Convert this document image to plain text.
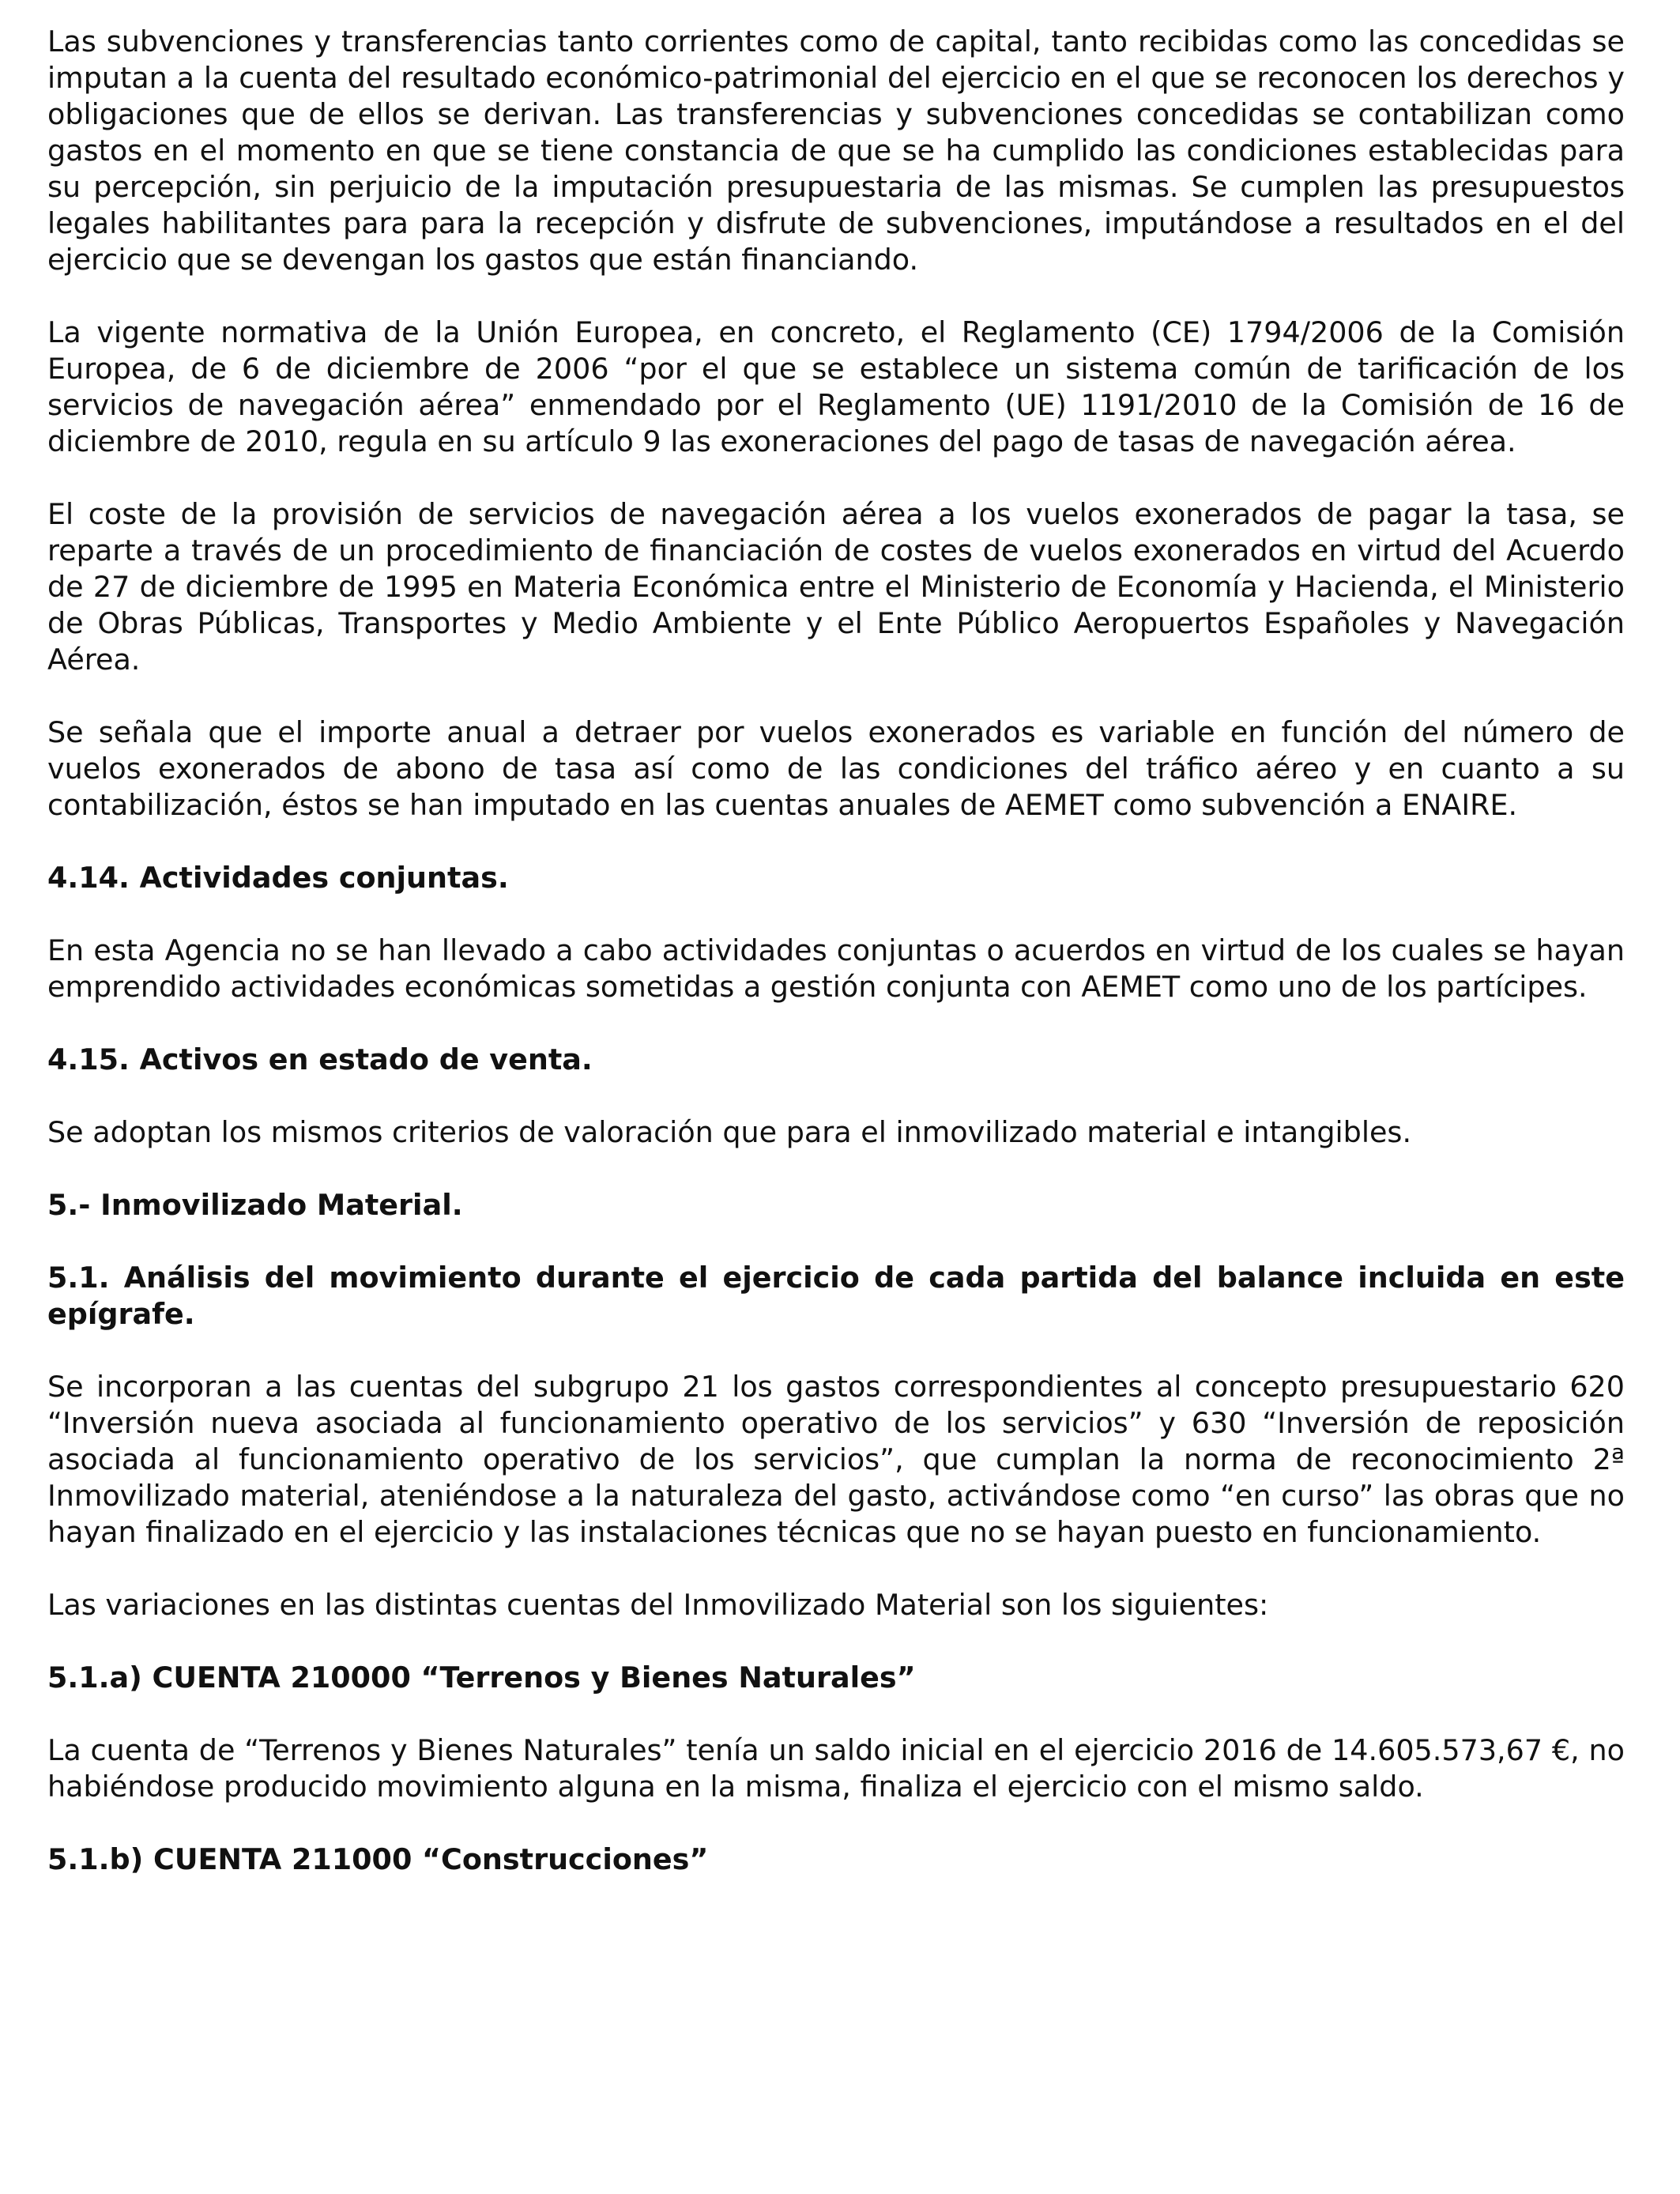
Las subvenciones y transferencias tanto corrientes como de capital, tanto recibidas como las concedidas se imputan a la cuenta del resultado económico-patrimonial del ejercicio en el que se reconocen los derechos y obligaciones que de ellos se derivan. Las transferencias y subvenciones concedidas se contabilizan como gastos en el momento en que se tiene constancia de que se ha cumplido las condiciones establecidas para su percepción, sin perjuicio de la imputación presupuestaria de las mismas. Se cumplen las presupuestos legales habilitantes para para la recepción y disfrute de subvenciones, imputándose a resultados en el del ejercicio que se devengan los gastos que están financiando.

La vigente normativa de la Unión Europea, en concreto, el Reglamento (CE) 1794/2006 de la Comisión Europea, de 6 de diciembre de 2006 “por el que se establece un sistema común de tarificación de los servicios de navegación aérea” enmendado por el Reglamento (UE) 1191/2010 de la Comisión de 16 de diciembre de 2010, regula en su artículo 9 las exoneraciones del pago de tasas de navegación aérea.

El coste de la provisión de servicios de navegación aérea a los vuelos exonerados de pagar la tasa, se reparte a través de un procedimiento de financiación de costes de vuelos exonerados en virtud del Acuerdo de 27 de diciembre de 1995 en Materia Económica entre el Ministerio de Economía y Hacienda, el Ministerio de Obras Públicas, Transportes y Medio Ambiente y el Ente Público Aeropuertos Españoles y Navegación Aérea.

Se señala que el importe anual a detraer por vuelos exonerados es variable en función del número de vuelos exonerados de abono de tasa así como de las condiciones del tráfico aéreo y en cuanto a su contabilización, éstos se han imputado en las cuentas anuales de AEMET como subvención a ENAIRE.

4.14. Actividades conjuntas.

En esta Agencia no se han llevado a cabo actividades conjuntas o acuerdos en virtud de los cuales se hayan emprendido actividades económicas sometidas a gestión conjunta con AEMET como uno de los partícipes.

4.15. Activos en estado de venta.

Se adoptan los mismos criterios de valoración que para el inmovilizado material e intangibles.

5.- Inmovilizado Material.

5.1. Análisis del movimiento durante el ejercicio de cada partida del balance incluida en este epígrafe.

Se incorporan a las cuentas del subgrupo 21 los gastos correspondientes al concepto presupuestario 620 “Inversión nueva asociada al funcionamiento operativo de los servicios” y 630 “Inversión de reposición asociada al funcionamiento operativo de los servicios”, que cumplan la norma de reconocimiento 2ª Inmovilizado material, ateniéndose a la naturaleza del gasto, activándose como “en curso” las obras que no hayan finalizado en el ejercicio y las instalaciones técnicas que no se hayan puesto en funcionamiento.

Las variaciones en las distintas cuentas del Inmovilizado Material son los siguientes:

5.1.a) CUENTA 210000 “Terrenos y Bienes Naturales”

La cuenta de “Terrenos y Bienes Naturales” tenía un saldo inicial en el ejercicio 2016 de 14.605.573,67 €, no habiéndose producido movimiento alguna en la misma, finaliza el ejercicio con el mismo saldo.

5.1.b) CUENTA 211000 “Construcciones”
